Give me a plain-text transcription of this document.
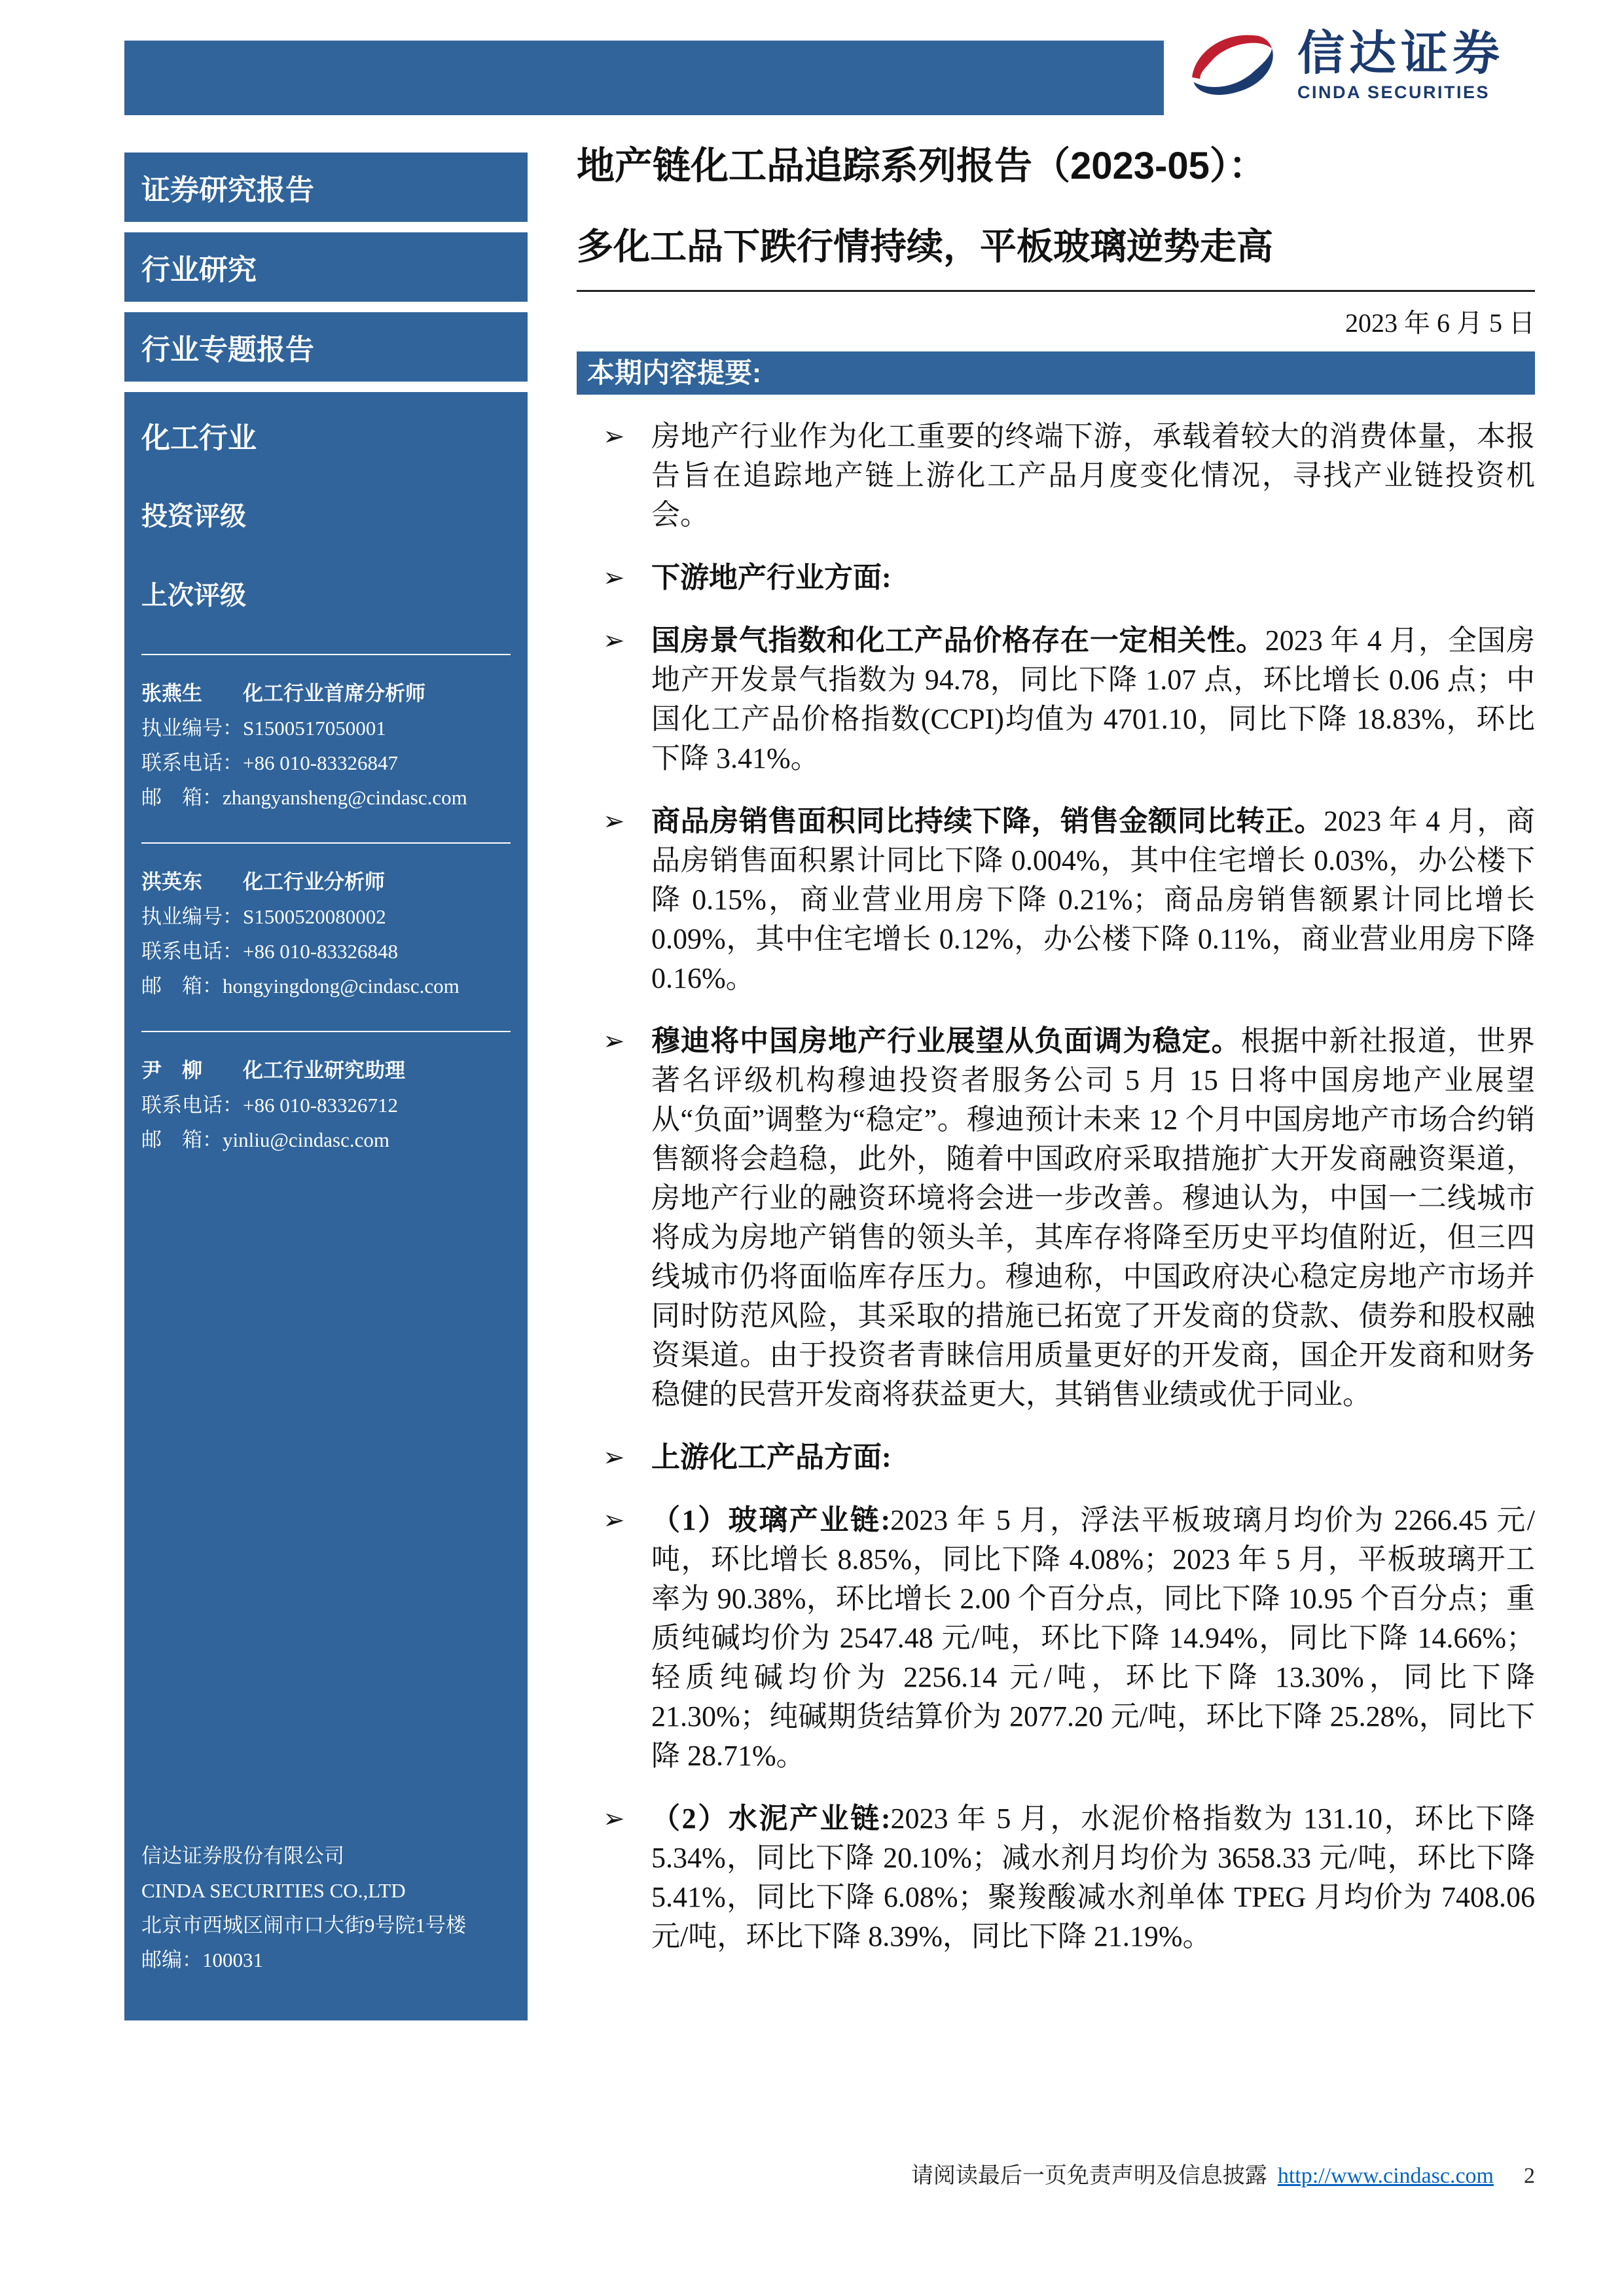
信达证券
CINDA SECURITIES
证券研究报告
行业研究
行业专题报告
化工行业
投资评级
上次评级
张燕生　　化工行业首席分析师
执业编号：S1500517050001
联系电话：+86 010-83326847
邮　箱：zhangyansheng@cindasc.com
洪英东　　化工行业分析师
执业编号：S1500520080002
联系电话：+86 010-83326848
邮　箱：hongyingdong@cindasc.com
尹　柳　　化工行业研究助理
联系电话：+86 010-83326712
邮　箱：yinliu@cindasc.com
信达证券股份有限公司
CINDA SECURITIES CO.,LTD
北京市西城区闹市口大街9号院1号楼
邮编：100031
地产链化工品追踪系列报告（2023-05）：
多化工品下跌行情持续，平板玻璃逆势走高
2023 年 6 月 5 日
本期内容提要:
➢ 房地产行业作为化工重要的终端下游，承载着较大的消费体量，本报告旨在追踪地产链上游化工产品月度变化情况，寻找产业链投资机会。

➢ 下游地产行业方面:

➢ 国房景气指数和化工产品价格存在一定相关性。2023 年 4 月，全国房地产开发景气指数为 94.78，同比下降 1.07 点，环比增长 0.06 点；中国化工产品价格指数(CCPI)均值为 4701.10，同比下降 18.83%，环比下降 3.41%。

➢ 商品房销售面积同比持续下降，销售金额同比转正。2023 年 4 月，商品房销售面积累计同比下降 0.004%，其中住宅增长 0.03%，办公楼下降 0.15%，商业营业用房下降 0.21%；商品房销售额累计同比增长 0.09%，其中住宅增长 0.12%，办公楼下降 0.11%，商业营业用房下降 0.16%。

➢ 穆迪将中国房地产行业展望从负面调为稳定。根据中新社报道，世界著名评级机构穆迪投资者服务公司 5 月 15 日将中国房地产业展望从“负面”调整为“稳定”。穆迪预计未来 12 个月中国房地产市场合约销售额将会趋稳，此外，随着中国政府采取措施扩大开发商融资渠道，房地产行业的融资环境将会进一步改善。穆迪认为，中国一二线城市将成为房地产销售的领头羊，其库存将降至历史平均值附近，但三四线城市仍将面临库存压力。穆迪称，中国政府决心稳定房地产市场并同时防范风险，其采取的措施已拓宽了开发商的贷款、债券和股权融资渠道。由于投资者青睐信用质量更好的开发商，国企开发商和财务稳健的民营开发商将获益更大，其销售业绩或优于同业。

➢ 上游化工产品方面:

➢ （1）玻璃产业链:2023 年 5 月，浮法平板玻璃月均价为 2266.45 元/吨，环比增长 8.85%，同比下降 4.08%；2023 年 5 月，平板玻璃开工率为 90.38%，环比增长 2.00 个百分点，同比下降 10.95 个百分点；重质纯碱均价为 2547.48 元/吨，环比下降 14.94%，同比下降 14.66%；轻质纯碱均价为 2256.14 元/吨，环比下降 13.30%，同比下降 21.30%；纯碱期货结算价为 2077.20 元/吨，环比下降 25.28%，同比下降 28.71%。

➢ （2）水泥产业链:2023 年 5 月，水泥价格指数为 131.10，环比下降 5.34%，同比下降 20.10%；减水剂月均价为 3658.33 元/吨，环比下降 5.41%，同比下降 6.08%；聚羧酸减水剂单体 TPEG 月均价为 7408.06 元/吨，环比下降 8.39%，同比下降 21.19%。

请阅读最后一页免责声明及信息披露 http://www.cindasc.com 2
